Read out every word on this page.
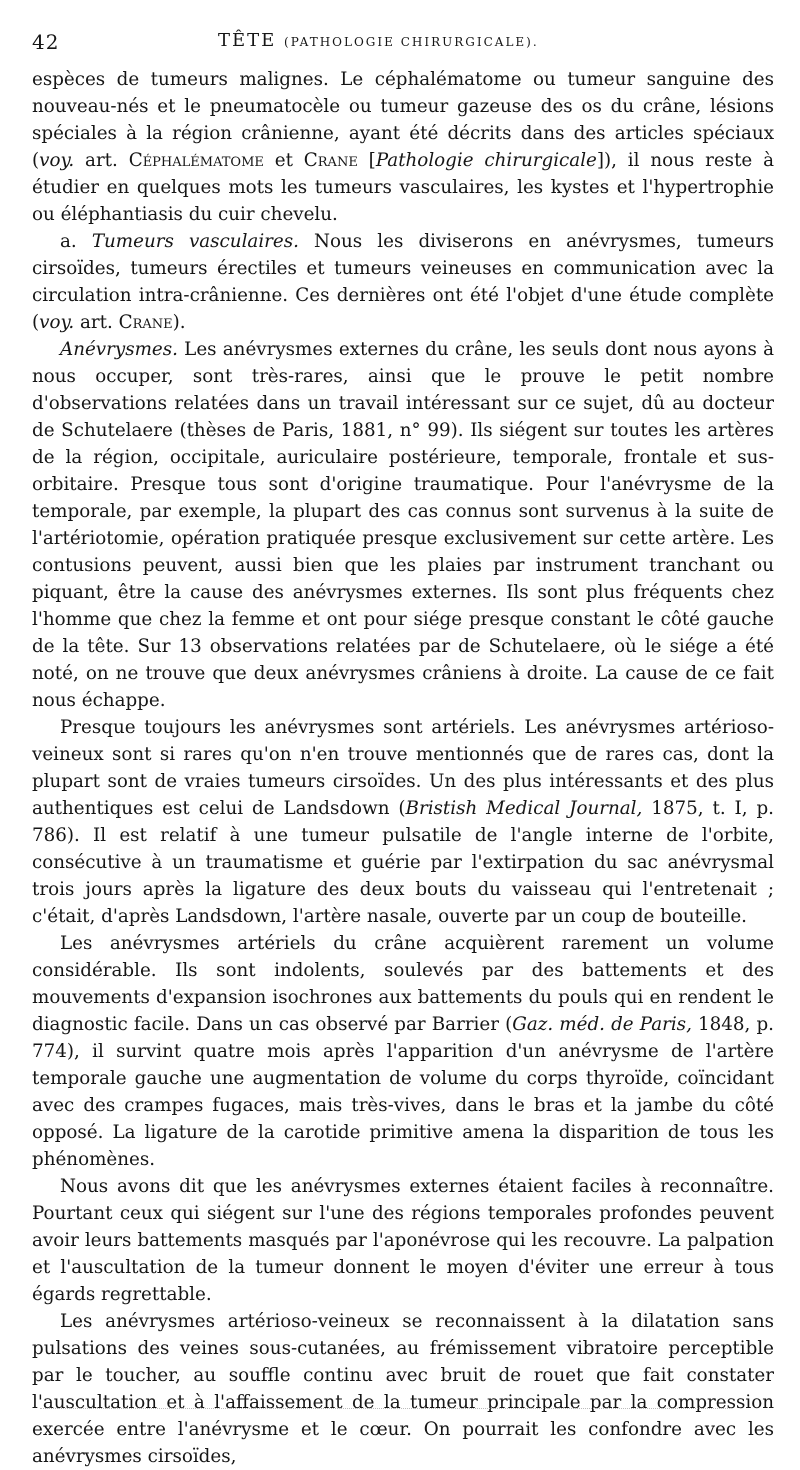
42	TÊTE (PATHOLOGIE CHIRURGICALE).

espèces de tumeurs malignes. Le céphalématome ou tumeur sanguine des nouveau-nés et le pneumatocèle ou tumeur gazeuse des os du crâne, lésions spéciales à la région crânienne, ayant été décrits dans des articles spéciaux (voy. art. Céphalématome et Crane [Pathologie chirurgicale]), il nous reste à étudier en quelques mots les tumeurs vasculaires, les kystes et l'hypertrophie ou éléphantiasis du cuir chevelu.

a. Tumeurs vasculaires. Nous les diviserons en anévrysmes, tumeurs cirsoïdes, tumeurs érectiles et tumeurs veineuses en communication avec la circulation intra-crânienne. Ces dernières ont été l'objet d'une étude complète (voy. art. Crane).

Anévrysmes. Les anévrysmes externes du crâne, les seuls dont nous ayons à nous occuper, sont très-rares, ainsi que le prouve le petit nombre d'observations relatées dans un travail intéressant sur ce sujet, dû au docteur de Schutelaere (thèses de Paris, 1881, n° 99). Ils siégent sur toutes les artères de la région, occipitale, auriculaire postérieure, temporale, frontale et sus-orbitaire. Presque tous sont d'origine traumatique. Pour l'anévrysme de la temporale, par exemple, la plupart des cas connus sont survenus à la suite de l'artériotomie, opération pratiquée presque exclusivement sur cette artère. Les contusions peuvent, aussi bien que les plaies par instrument tranchant ou piquant, être la cause des anévrysmes externes. Ils sont plus fréquents chez l'homme que chez la femme et ont pour siége presque constant le côté gauche de la tête. Sur 13 observations relatées par de Schutelaere, où le siége a été noté, on ne trouve que deux anévrysmes crâniens à droite. La cause de ce fait nous échappe.

Presque toujours les anévrysmes sont artériels. Les anévrysmes artérioso-veineux sont si rares qu'on n'en trouve mentionnés que de rares cas, dont la plupart sont de vraies tumeurs cirsoïdes. Un des plus intéressants et des plus authentiques est celui de Landsdown (Bristish Medical Journal, 1875, t. I, p. 786). Il est relatif à une tumeur pulsatile de l'angle interne de l'orbite, consécutive à un traumatisme et guérie par l'extirpation du sac anévrysmal trois jours après la ligature des deux bouts du vaisseau qui l'entretenait ; c'était, d'après Landsdown, l'artère nasale, ouverte par un coup de bouteille.

Les anévrysmes artériels du crâne acquièrent rarement un volume considérable. Ils sont indolents, soulevés par des battements et des mouvements d'expansion isochrones aux battements du pouls qui en rendent le diagnostic facile. Dans un cas observé par Barrier (Gaz. méd. de Paris, 1848, p. 774), il survint quatre mois après l'apparition d'un anévrysme de l'artère temporale gauche une augmentation de volume du corps thyroïde, coïncidant avec des crampes fugaces, mais très-vives, dans le bras et la jambe du côté opposé. La ligature de la carotide primitive amena la disparition de tous les phénomènes.

Nous avons dit que les anévrysmes externes étaient faciles à reconnaître. Pourtant ceux qui siégent sur l'une des régions temporales profondes peuvent avoir leurs battements masqués par l'aponévrose qui les recouvre. La palpation et l'auscultation de la tumeur donnent le moyen d'éviter une erreur à tous égards regrettable.

Les anévrysmes artérioso-veineux se reconnaissent à la dilatation sans pulsations des veines sous-cutanées, au frémissement vibratoire perceptible par le toucher, au souffle continu avec bruit de rouet que fait constater l'auscultation et à l'affaissement de la tumeur principale par la compression exercée entre l'anévrysme et le cœur. On pourrait les confondre avec les anévrysmes cirsoïdes,
